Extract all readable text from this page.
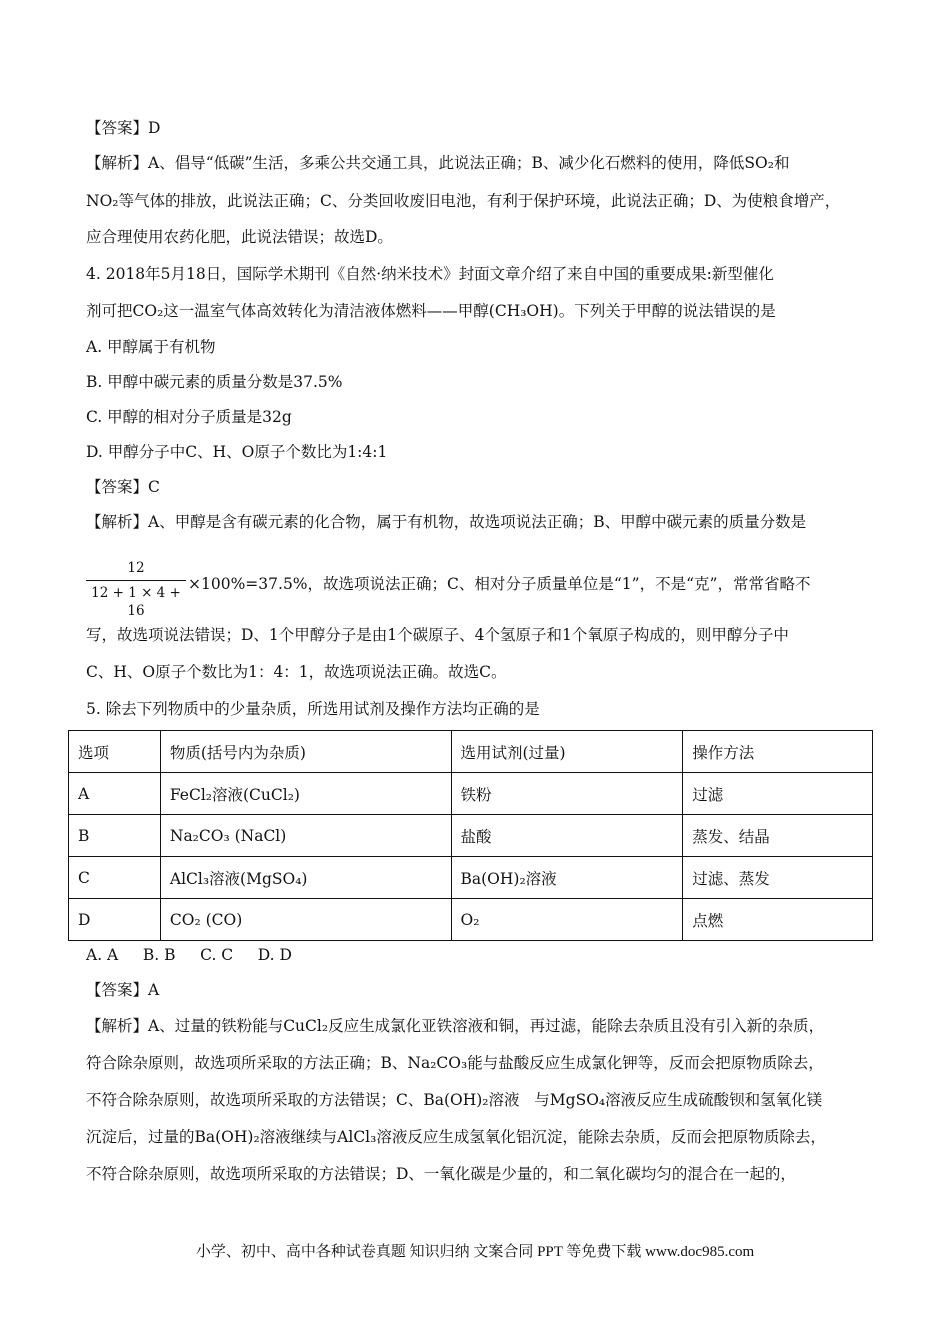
【答案】D
【解析】A、倡导“低碳”生活，多乘公共交通工具，此说法正确；B、减少化石燃料的使用，降低SO₂和
NO₂等气体的排放，此说法正确；C、分类回收废旧电池，有利于保护环境，此说法正确；D、为使粮食增产，
应合理使用农药化肥，此说法错误；故选D。
4. 2018年5月18日，国际学术期刊《自然·纳米技术》封面文章介绍了来自中国的重要成果:新型催化
剂可把CO₂这一温室气体高效转化为清洁液体燃料——甲醇(CH₃OH)。下列关于甲醇的说法错误的是
A. 甲醇属于有机物
B. 甲醇中碳元素的质量分数是37.5%
C. 甲醇的相对分子质量是32g
D. 甲醇分子中C、H、O原子个数比为1:4:1
【答案】C
【解析】A、甲醇是含有碳元素的化合物，属于有机物，故选项说法正确；B、甲醇中碳元素的质量分数是
12
12 + 1 × 4 + 16
×100%=37.5%，故选项说法正确；C、相对分子质量单位是“1”，不是“克”，常常省略不
写，故选项说法错误；D、1个甲醇分子是由1个碳原子、4个氢原子和1个氧原子构成的，则甲醇分子中
C、H、O原子个数比为1：4：1，故选项说法正确。故选C。
5. 除去下列物质中的少量杂质，所选用试剂及操作方法均正确的是
选项	物质(括号内为杂质)	选用试剂(过量)	操作方法
A	FeCl₂溶液(CuCl₂)	铁粉	过滤
B	Na₂CO₃ (NaCl)	盐酸	蒸发、结晶
C	AlCl₃溶液(MgSO₄)	Ba(OH)₂溶液	过滤、蒸发
D	CO₂ (CO)	O₂	点燃
A. A     B. B     C. C     D. D
【答案】A
【解析】A、过量的铁粉能与CuCl₂反应生成氯化亚铁溶液和铜，再过滤，能除去杂质且没有引入新的杂质，
符合除杂原则，故选项所采取的方法正确；B、Na₂CO₃能与盐酸反应生成氯化钾等，反而会把原物质除去，
不符合除杂原则，故选项所采取的方法错误；C、Ba(OH)₂溶液   与MgSO₄溶液反应生成硫酸钡和氢氧化镁
沉淀后，过量的Ba(OH)₂溶液继续与AlCl₃溶液反应生成氢氧化铝沉淀，能除去杂质，反而会把原物质除去，
不符合除杂原则，故选项所采取的方法错误；D、一氧化碳是少量的，和二氧化碳均匀的混合在一起的，
小学、初中、高中各种试卷真题 知识归纳 文案合同 PPT 等免费下载 www.doc985.com
